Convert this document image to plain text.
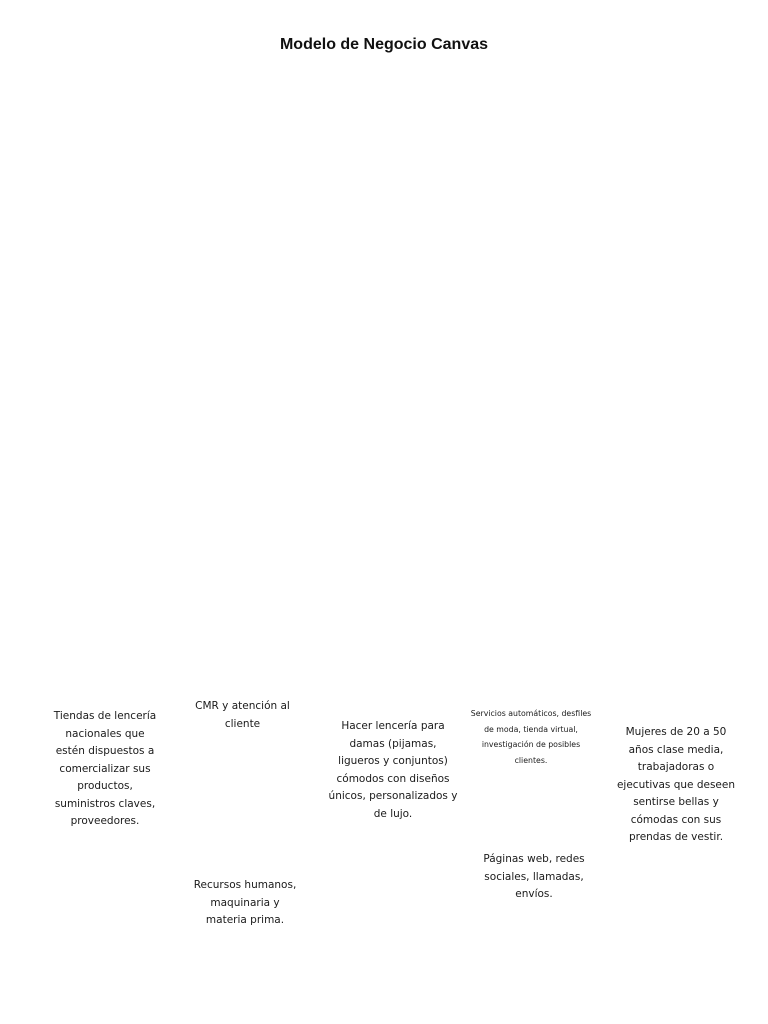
Modelo de Negocio Canvas
Tiendas de lencería nacionales que estén dispuestos a comercializar sus productos, suministros claves, proveedores.
CMR y atención al cliente
Recursos humanos, maquinaria y materia prima.
Hacer lencería para damas (pijamas, ligueros y conjuntos) cómodos con diseños únicos, personalizados y de lujo.
Servicios automáticos, desfiles de moda, tienda virtual, investigación de posibles clientes.
Páginas web, redes sociales, llamadas, envíos.
Mujeres de 20 a 50 años clase media, trabajadoras o ejecutivas que deseen sentirse bellas y cómodas con sus prendas de vestir.
